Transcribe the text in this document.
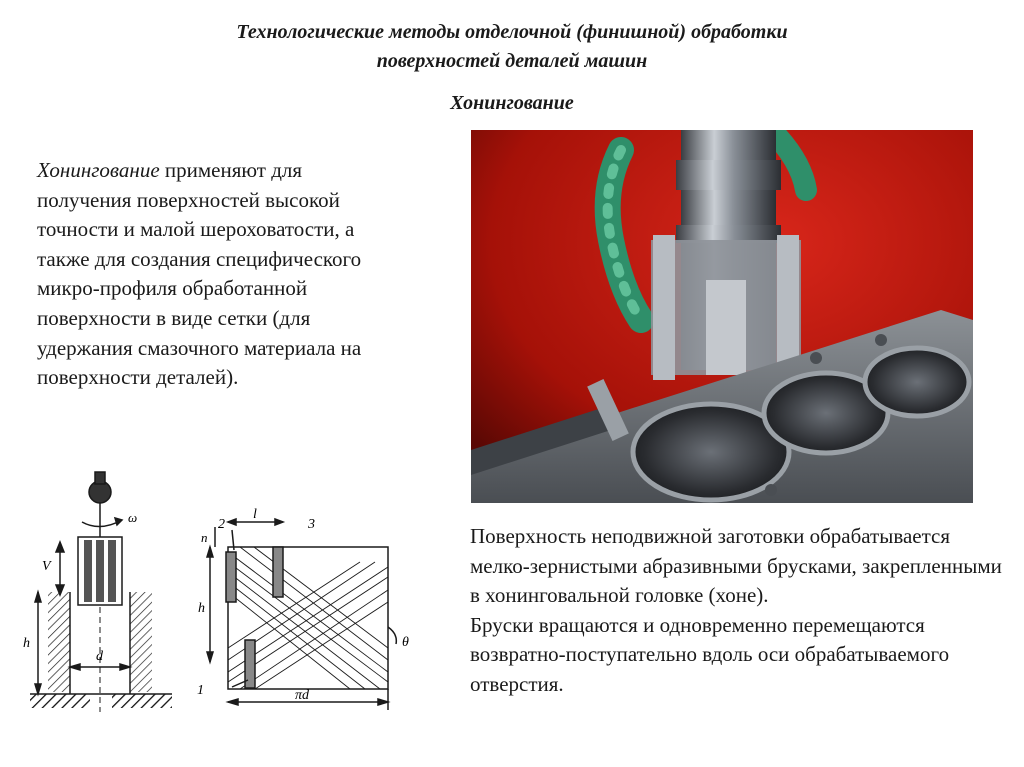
Технологические методы отделочной (финишной) обработки
поверхностей деталей машин
Хонингование

Хонингование применяют для получения поверхностей высокой точности и малой шероховатости, а также для создания специфического микро-профиля обработанной поверхности в виде сетки (для удержания смазочного материала на поверхности деталей).

ω
V
h
d
n
h
l
2	3
1
θ
πd

Поверхность неподвижной заготовки обрабатывается мелко-зернистыми абразивными брусками, закрепленными в хонинговальной головке (хоне).
Бруски вращаются и одновременно перемещаются возвратно-поступательно вдоль оси обрабатываемого отверстия.
